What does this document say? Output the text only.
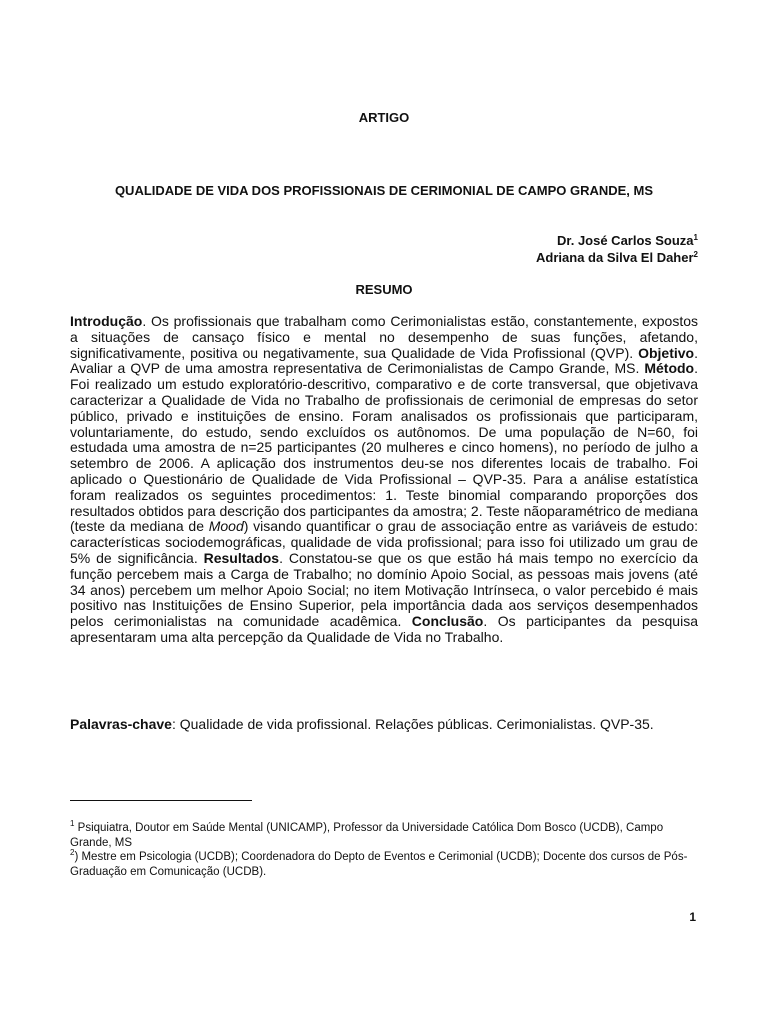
ARTIGO
QUALIDADE DE VIDA DOS PROFISSIONAIS DE CERIMONIAL DE CAMPO GRANDE, MS
Dr. José Carlos Souza$^1$
Adriana da Silva El Daher$^2$
RESUMO

Introdução. Os profissionais que trabalham como Cerimonialistas estão, constantemente, expostos a situações de cansaço físico e mental no desempenho de suas funções, afetando, significativamente, positiva ou negativamente, sua Qualidade de Vida Profissional (QVP). Objetivo. Avaliar a QVP de uma amostra representativa de Cerimonialistas de Campo Grande, MS. Método. Foi realizado um estudo exploratório-descritivo, comparativo e de corte transversal, que objetivava caracterizar a Qualidade de Vida no Trabalho de profissionais de cerimonial de empresas do setor público, privado e instituições de ensino. Foram analisados os profissionais que participaram, voluntariamente, do estudo, sendo excluídos os autônomos. De uma população de N=60, foi estudada uma amostra de n=25 participantes (20 mulheres e cinco homens), no período de julho a setembro de 2006. A aplicação dos instrumentos deu-se nos diferentes locais de trabalho. Foi aplicado o Questionário de Qualidade de Vida Profissional – QVP-35. Para a análise estatística foram realizados os seguintes procedimentos: 1. Teste binomial comparando proporções dos resultados obtidos para descrição dos participantes da amostra; 2. Teste nãoparamétrico de mediana (teste da mediana de Mood) visando quantificar o grau de associação entre as variáveis de estudo: características sociodemográficas, qualidade de vida profissional; para isso foi utilizado um grau de 5% de significância. Resultados. Constatou-se que os que estão há mais tempo no exercício da função percebem mais a Carga de Trabalho; no domínio Apoio Social, as pessoas mais jovens (até 34 anos) percebem um melhor Apoio Social; no item Motivação Intrínseca, o valor percebido é mais positivo nas Instituições de Ensino Superior, pela importância dada aos serviços desempenhados pelos cerimonialistas na comunidade acadêmica. Conclusão. Os participantes da pesquisa apresentaram uma alta percepção da Qualidade de Vida no Trabalho.

Palavras-chave: Qualidade de vida profissional. Relações públicas. Cerimonialistas. QVP-35.

$^1$ Psiquiatra, Doutor em Saúde Mental (UNICAMP), Professor da Universidade Católica Dom Bosco (UCDB), Campo Grande, MS

$^2$) Mestre em Psicologia (UCDB); Coordenadora do Depto de Eventos e Cerimonial (UCDB); Docente dos cursos de Pós-Graduação em Comunicação (UCDB).

1
